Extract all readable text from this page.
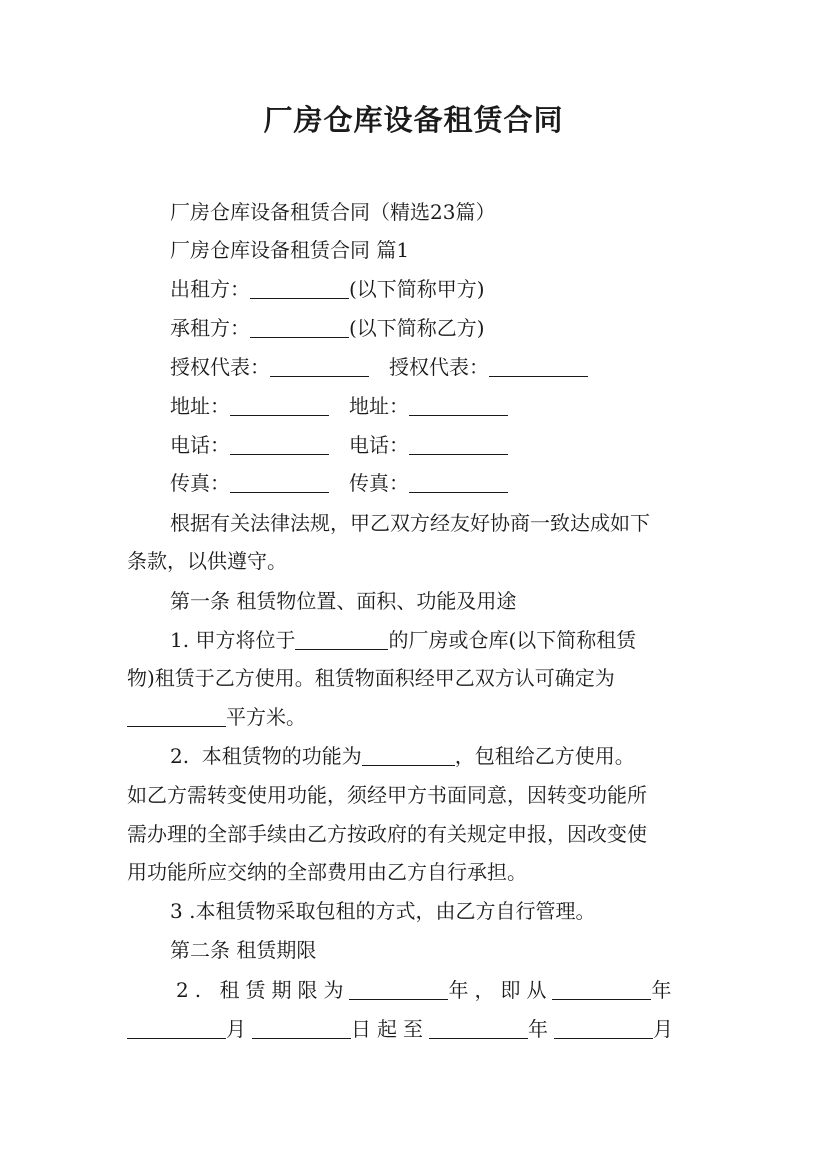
厂房仓库设备租赁合同
厂房仓库设备租赁合同（精选23篇）
厂房仓库设备租赁合同 篇1
出租方：	(以下简称甲方)
承租方：	(以下简称乙方)
授权代表：	授权代表：
地址：	地址：
电话：	电话：
传真：	传真：
根据有关法律法规，甲乙双方经友好协商一致达成如下
条款，以供遵守。
第一条 租赁物位置、面积、功能及用途
1. 甲方将位于	的厂房或仓库(以下简称租赁
物)租赁于乙方使用。租赁物面积经甲乙双方认可确定为
平方米。
2.  本租赁物的功能为	，包租给乙方使用。
如乙方需转变使用功能，须经甲方书面同意，因转变功能所
需办理的全部手续由乙方按政府的有关规定申报，因改变使
用功能所应交纳的全部费用由乙方自行承担。
3 .本租赁物采取包租的方式，由乙方自行管理。
第二条 租赁期限
2. 租赁期限为	年，即从	年
月	日起至	年	月
